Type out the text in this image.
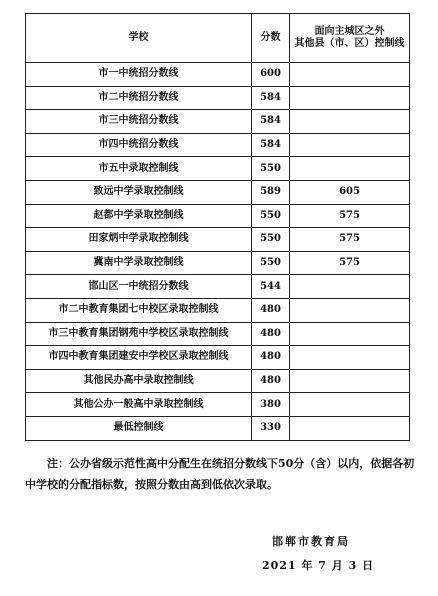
学校	分数	面向主城区之外
其他县（市、区）控制线
市一中统招分数线	600	
市二中统招分数线	584	
市三中统招分数线	584	
市四中统招分数线	584	
市五中录取控制线	550	
致远中学录取控制线	589	605
赵都中学录取控制线	550	575
田家炳中学录取控制线	550	575
冀南中学录取控制线	550	575
邯山区一中统招分数线	544	
市二中教育集团七中校区录取控制线	480	
市三中教育集团钢苑中学校区录取控制线	480	
市四中教育集团建安中学校区录取控制线	480	
其他民办高中录取控制线	480	
其他公办一般高中录取控制线	380	
最低控制线	330	

注：公办省级示范性高中分配生在统招分数线下50分（含）以内，依据各初中学校的分配指标数，按照分数由高到低依次录取。

邯郸市教育局

2021 年 7 月 3 日
